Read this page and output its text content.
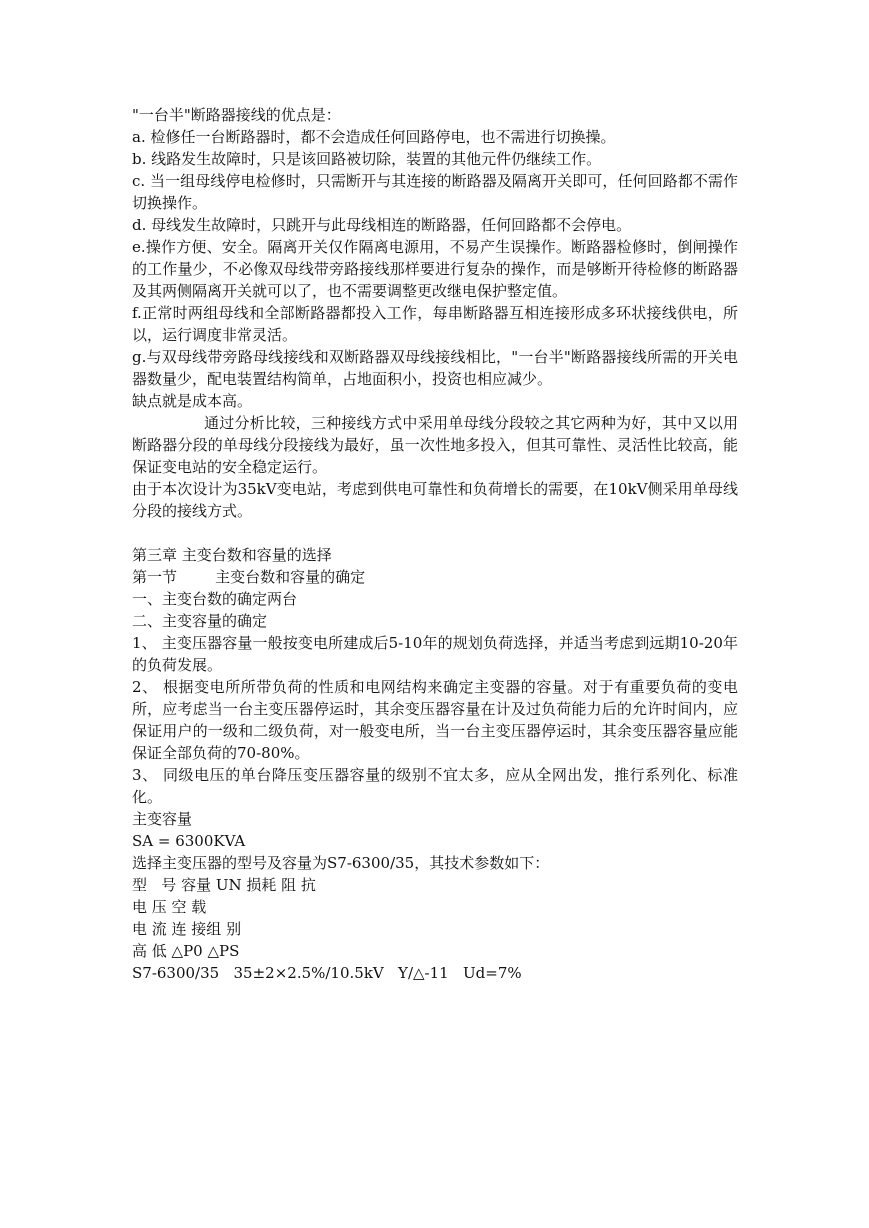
"一台半"断路器接线的优点是：
a. 检修任一台断路器时，都不会造成任何回路停电，也不需进行切换操。
b. 线路发生故障时，只是该回路被切除，装置的其他元件仍继续工作。
c. 当一组母线停电检修时，只需断开与其连接的断路器及隔离开关即可，任何回路都不需作切换操作。
d. 母线发生故障时，只跳开与此母线相连的断路器，任何回路都不会停电。
e.操作方便、安全。隔离开关仅作隔离电源用，不易产生误操作。断路器检修时，倒闸操作的工作量少，不必像双母线带旁路接线那样要进行复杂的操作，而是够断开待检修的断路器及其两侧隔离开关就可以了，也不需要调整更改继电保护整定值。
f.正常时两组母线和全部断路器都投入工作，每串断路器互相连接形成多环状接线供电，所以，运行调度非常灵活。
g.与双母线带旁路母线接线和双断路器双母线接线相比，"一台半"断路器接线所需的开关电器数量少，配电装置结构简单，占地面积小，投资也相应减少。
缺点就是成本高。
通过分析比较，三种接线方式中采用单母线分段较之其它两种为好，其中又以用断路器分段的单母线分段接线为最好，虽一次性地多投入，但其可靠性、灵活性比较高，能保证变电站的安全稳定运行。
由于本次设计为35kV变电站，考虑到供电可靠性和负荷增长的需要，在10kV侧采用单母线分段的接线方式。
第三章 主变台数和容量的选择
第一节        主变台数和容量的确定
一、主变台数的确定两台
二、主变容量的确定
1、 主变压器容量一般按变电所建成后5-10年的规划负荷选择，并适当考虑到远期10-20年的负荷发展。
2、 根据变电所所带负荷的性质和电网结构来确定主变器的容量。对于有重要负荷的变电所，应考虑当一台主变压器停运时，其余变压器容量在计及过负荷能力后的允许时间内，应保证用户的一级和二级负荷，对一般变电所，当一台主变压器停运时，其余变压器容量应能保证全部负荷的70-80%。
3、 同级电压的单台降压变压器容量的级别不宜太多，应从全网出发，推行系列化、标准化。
主变容量
SA = 6300KVA
选择主变压器的型号及容量为S7-6300/35，其技术参数如下：
型   号 容量 UN 损耗 阻 抗
电 压 空 载
电 流 连 接组 别
高 低 △P0 △PS
S7-6300/35   35±2×2.5%/10.5kV   Y/△-11   Ud=7%
